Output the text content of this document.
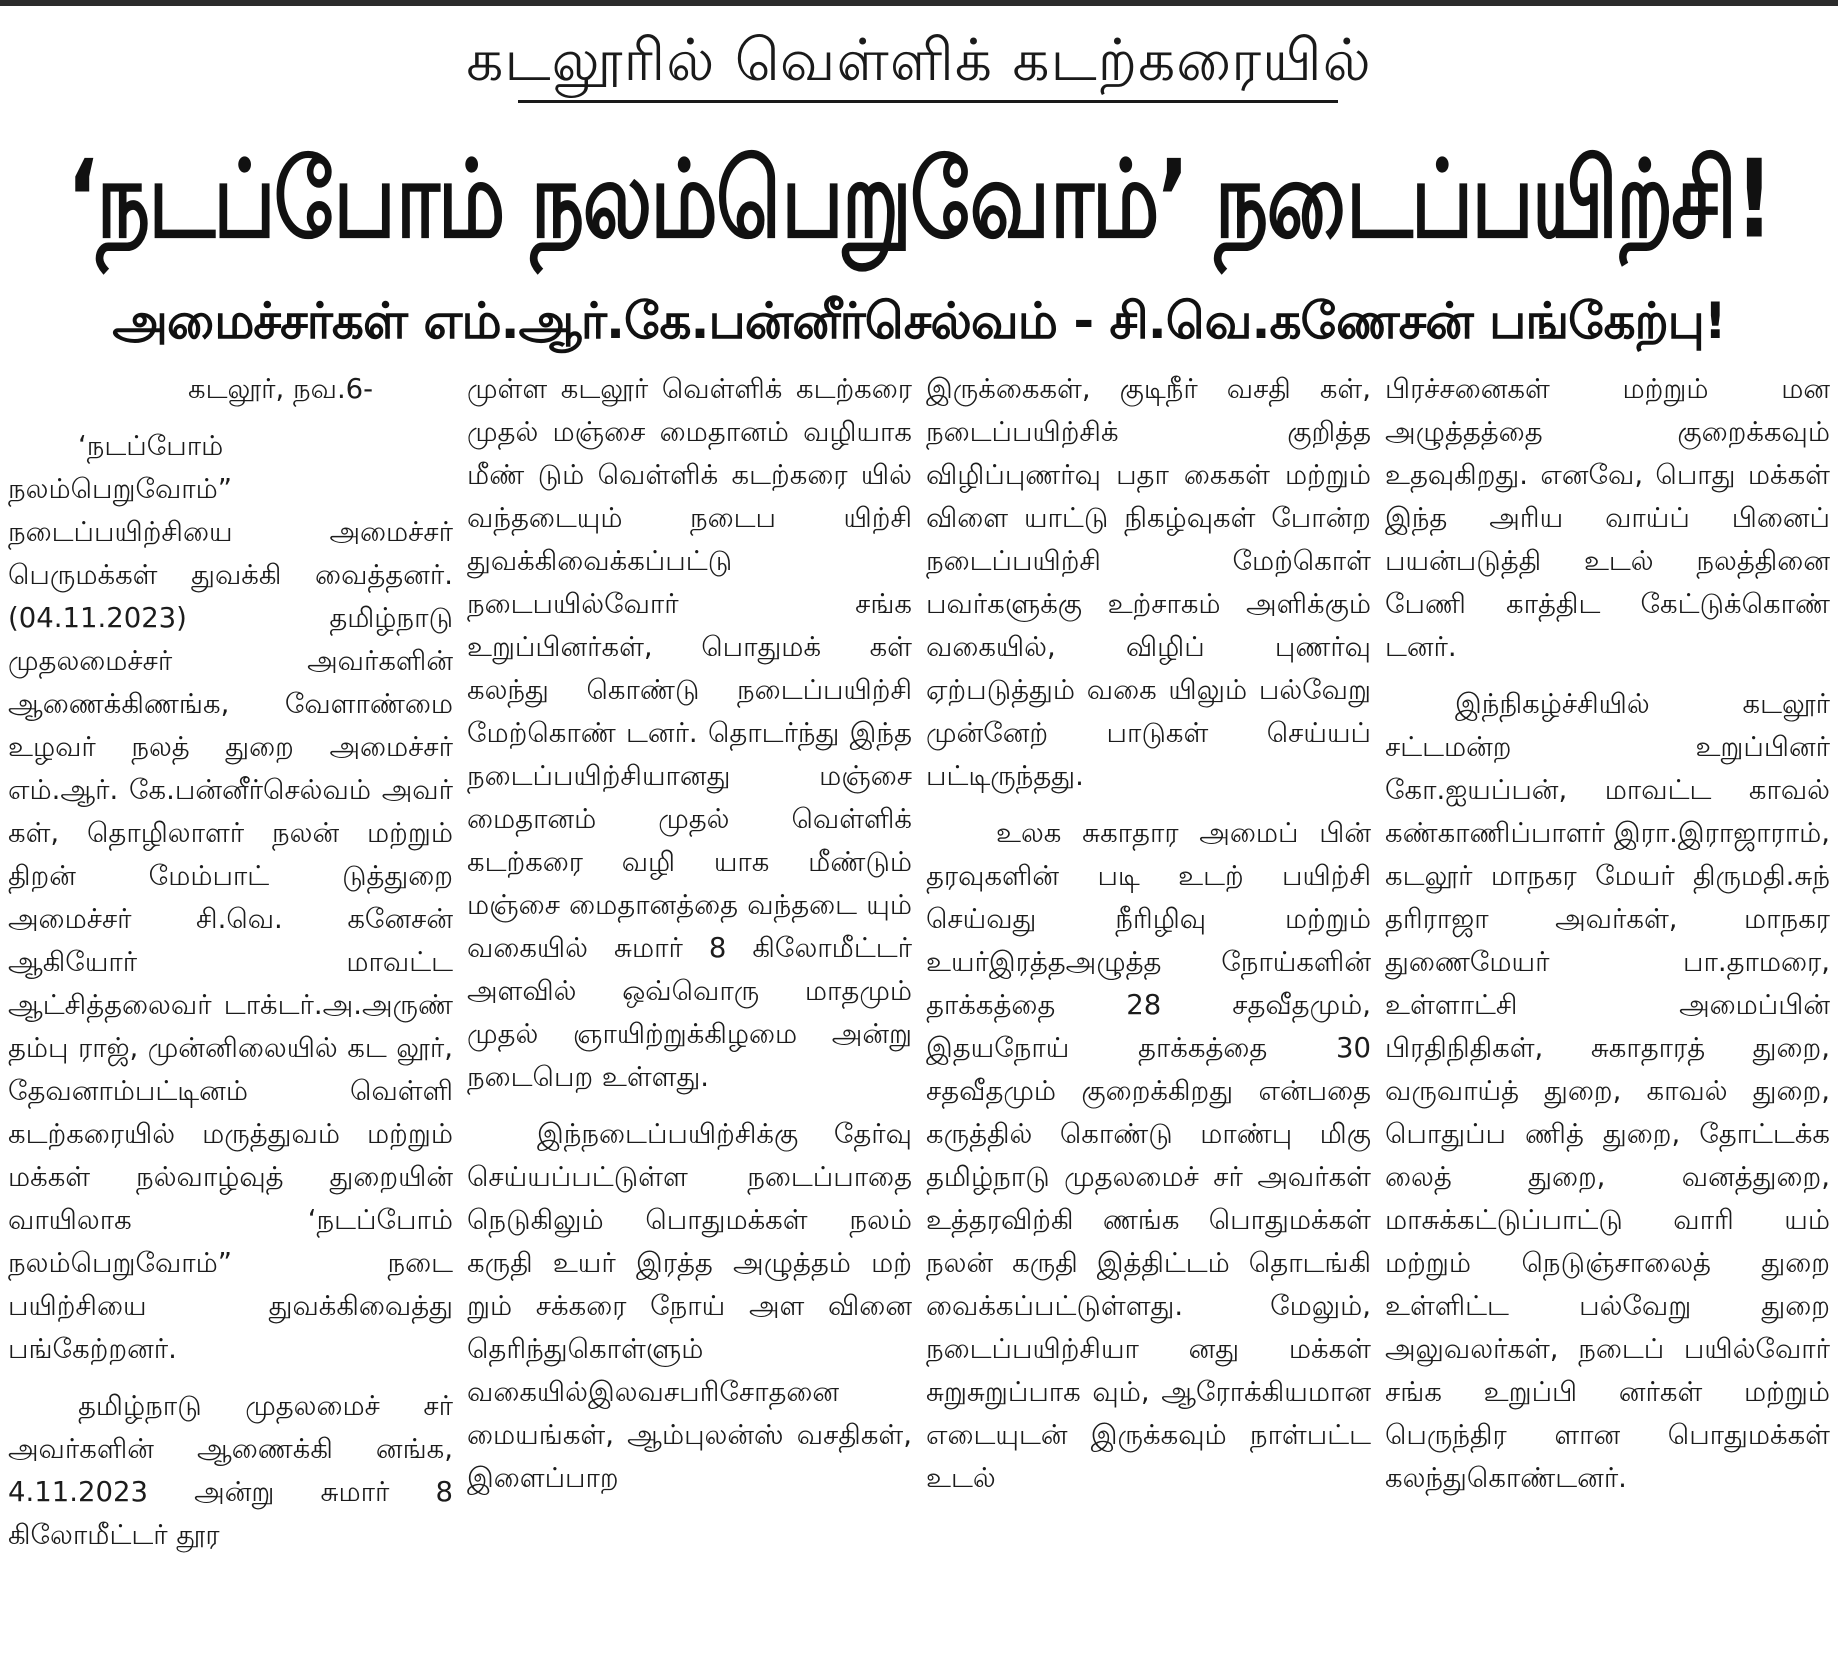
கடலூரில் வெள்ளிக் கடற்கரையில்
‘நடப்போம் நலம்பெறுவோம்’ நடைப்பயிற்சி!
அமைச்சர்கள் எம்.ஆர்.கே.பன்னீர்செல்வம் - சி.வெ.கணேசன் பங்கேற்பு!

கடலூர், நவ.6-

‘நடப்போம் நலம்பெறுவோம்” நடைப்பயிற்சியை அமைச்சர் பெருமக்கள் துவக்கி வைத்தனர். (04.11.2023) தமிழ்நாடு முதலமைச்சர் அவர்களின் ஆணைக்கிணங்க, வேளாண்மை உழவர் நலத் துறை அமைச்சர் எம்.ஆர். கே.பன்னீர்செல்வம் அவர் கள், தொழிலாளர் நலன் மற்றும் திறன் மேம்பாட் டுத்துறை அமைச்சர் சி.வெ. கனேசன் ஆகியோர் மாவட்ட ஆட்சித்தலைவர் டாக்டர்.அ.அருண் தம்பு ராஜ், முன்னிலையில் கட லூர், தேவனாம்பட்டினம் வெள்ளி கடற்கரையில் மருத்துவம் மற்றும் மக்கள் நல்வாழ்வுத் துறையின் வாயிலாக ‘நடப்போம் நலம்பெறுவோம்” நடை பயிற்சியை துவக்கிவைத்து பங்கேற்றனர்.

தமிழ்நாடு முதலமைச் சர் அவர்களின் ஆணைக்கி னங்க, 4.11.2023 அன்று சுமார் 8 கிலோமீட்டர் தூர

முள்ள கடலூர் வெள்ளிக் கடற்கரை முதல் மஞ்சை மைதானம் வழியாக மீண் டும் வெள்ளிக் கடற்கரை யில் வந்தடையும் நடைப யிற்சி துவக்கிவைக்கப்பட்டு நடைபயில்வோர் சங்க உறுப்பினர்கள், பொதுமக் கள் கலந்து கொண்டு நடைப்பயிற்சி மேற்கொண் டனர். தொடர்ந்து இந்த நடைப்பயிற்சியானது மஞ்சை மைதானம் முதல் வெள்ளிக் கடற்கரை வழி யாக மீண்டும் மஞ்சை மைதானத்தை வந்தடை யும் வகையில் சுமார் 8 கிலோமீட்டர் அளவில் ஒவ்வொரு மாதமும் முதல் ஞாயிற்றுக்கிழமை அன்று நடைபெற உள்ளது.

இந்நடைப்பயிற்சிக்கு தேர்வு செய்யப்பட்டுள்ள நடைப்பாதை நெடுகிலும் பொதுமக்கள் நலம் கருதி உயர் இரத்த அழுத்தம் மற் றும் சக்கரை நோய் அள வினை தெரிந்துகொள்ளும் வகையில்இலவசபரிசோதனை மையங்கள், ஆம்புலன்ஸ் வசதிகள், இளைப்பாற

இருக்கைகள், குடிநீர் வசதி கள், நடைப்பயிற்சிக் குறித்த விழிப்புணர்வு பதா கைகள் மற்றும் விளை யாட்டு நிகழ்வுகள் போன்ற நடைப்பயிற்சி மேற்கொள் பவர்களுக்கு உற்சாகம் அளிக்கும் வகையில், விழிப் புணர்வு ஏற்படுத்தும் வகை யிலும் பல்வேறு முன்னேற் பாடுகள் செய்யப் பட்டிருந்தது.

உலக சுகாதார அமைப் பின் தரவுகளின் படி உடற் பயிற்சி செய்வது நீரிழிவு மற்றும் உயர்இரத்தஅழுத்த நோய்களின் தாக்கத்தை 28 சதவீதமும், இதயநோய் தாக்கத்தை 30 சதவீதமும் குறைக்கிறது என்பதை கருத்தில் கொண்டு மாண்பு மிகு தமிழ்நாடு முதலமைச் சர் அவர்கள் உத்தரவிற்கி ணங்க பொதுமக்கள் நலன் கருதி இத்திட்டம் தொடங்கி வைக்கப்பட்டுள்ளது. மேலும், நடைப்பயிற்சியா னது மக்கள் சுறுசுறுப்பாக வும், ஆரோக்கியமான எடையுடன் இருக்கவும் நாள்பட்ட உடல்

பிரச்சனைகள் மற்றும் மன அழுத்தத்தை குறைக்கவும் உதவுகிறது. எனவே, பொது மக்கள் இந்த அரிய வாய்ப் பினைப் பயன்படுத்தி உடல் நலத்தினை பேணி காத்திட கேட்டுக்கொண் டனர்.

இந்நிகழ்ச்சியில் கடலூர் சட்டமன்ற உறுப்பினர் கோ.ஐயப்பன், மாவட்ட காவல் கண்காணிப்பாளர் இரா.இராஜாராம், கடலூர் மாநகர மேயர் திருமதி.சுந் தரிராஜா அவர்கள், மாநகர துணைமேயர் பா.தாமரை, உள்ளாட்சி அமைப்பின் பிரதிநிதிகள், சுகாதாரத் துறை, வருவாய்த் துறை, காவல் துறை, பொதுப்ப ணித் துறை, தோட்டக்க லைத் துறை, வனத்துறை, மாசுக்கட்டுப்பாட்டு வாரி யம் மற்றும் நெடுஞ்சாலைத் துறை உள்ளிட்ட பல்வேறு துறை அலுவலர்கள், நடைப் பயில்வோர் சங்க உறுப்பி னர்கள் மற்றும் பெருந்திர ளான பொதுமக்கள் கலந்துகொண்டனர்.
